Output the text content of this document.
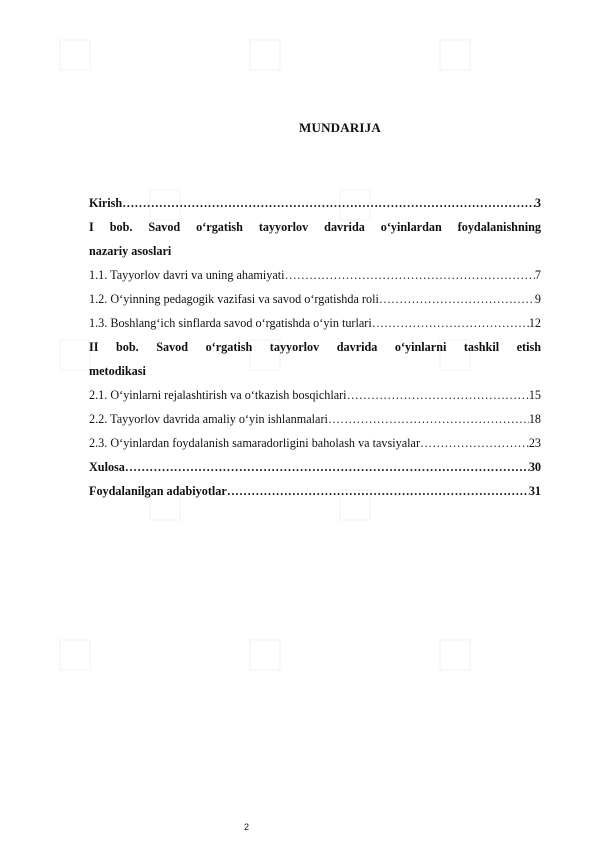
MUNDARIJA
Kirish …………………………………………………………………………………………………………………………………………	3
I bob. Savod o‘rgatish tayyorlov davrida o‘yinlardan foydalanishning
nazariy asoslari
1.1. Tayyorlov davri va uning ahamiyati …………………………………………………………………………………………………………………………………………	7
1.2. O‘yinning pedagogik vazifasi va savod o‘rgatishda roli …………………………………………………………………………………………………………………………………………	9
1.3. Boshlang‘ich sinflarda savod o‘rgatishda o‘yin turlari …………………………………………………………………………………………………………………………………………	12
II bob. Savod o‘rgatish tayyorlov davrida o‘yinlarni tashkil etish
metodikasi
2.1. O‘yinlarni rejalashtirish va o‘tkazish bosqichlari …………………………………………………………………………………………………………………………………………	15
2.2. Tayyorlov davrida amaliy o‘yin ishlanmalari …………………………………………………………………………………………………………………………………………	18
2.3. O‘yinlardan foydalanish samaradorligini baholash va tavsiyalar …………………………………………………………………………………………………………………………………………	23
Xulosa …………………………………………………………………………………………………………………………………………	30
Foydalanilgan adabiyotlar …………………………………………………………………………………………………………………………………………	31
2
